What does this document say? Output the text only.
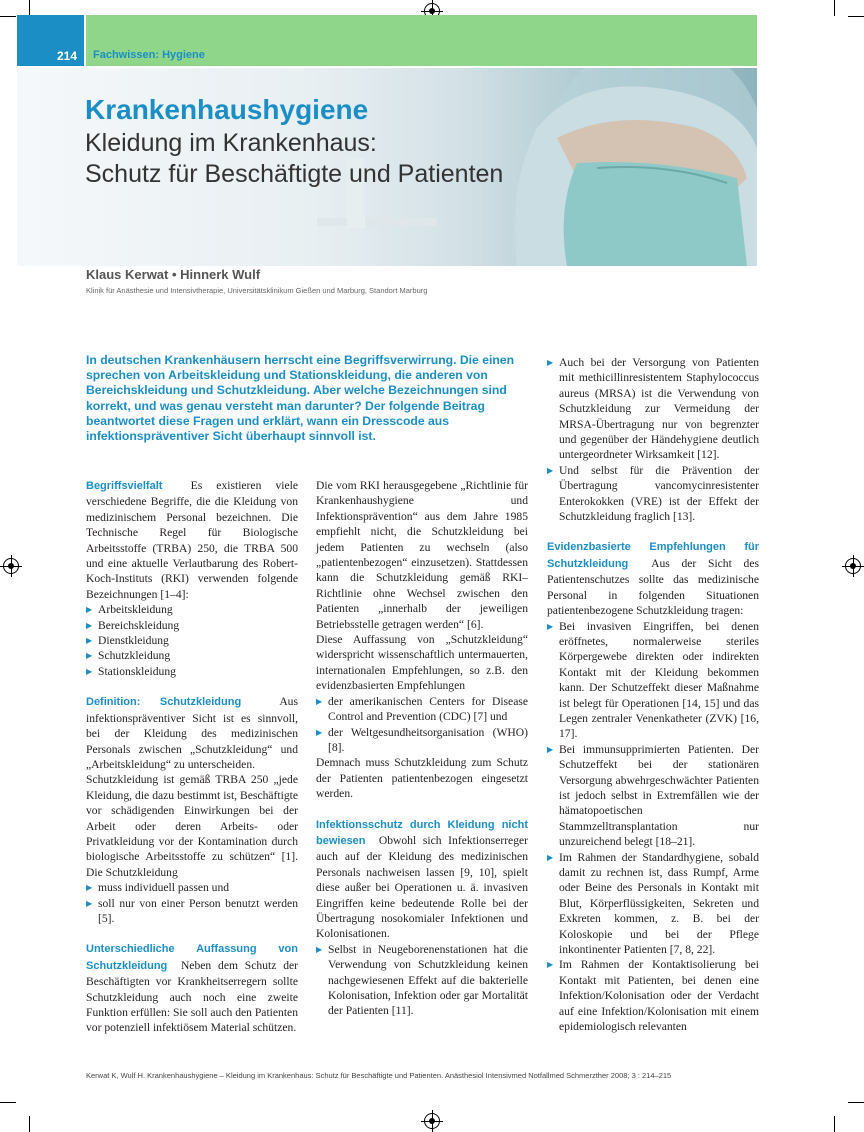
214	Fachwissen: Hygiene
Krankenhaushygiene
Kleidung im Krankenhaus:
Schutz für Beschäftigte und Patienten
Klaus Kerwat • Hinnerk Wulf
Klinik für Anästhesie und Intensivtherapie, Universitätsklinikum Gießen und Marburg, Standort Marburg
In deutschen Krankenhäusern herrscht eine Begriffsverwirrung. Die einen sprechen von Arbeitskleidung und Stationskleidung, die anderen von Bereichskleidung und Schutzkleidung. Aber welche Bezeichnungen sind korrekt, und was genau versteht man darunter? Der folgende Beitrag beantwortet diese Fragen und erklärt, wann ein Dresscode aus infektionspräventiver Sicht überhaupt sinnvoll ist.

Begriffsvielfalt Es existieren viele verschiedene Begriffe, die die Kleidung von medizinischem Personal bezeichnen. Die Technische Regel für Biologische Arbeitsstoffe (TRBA) 250, die TRBA 500 und eine aktuelle Verlautbarung des Robert-Koch-Instituts (RKI) verwenden folgende Bezeichnungen [1–4]:

▶ Arbeitskleidung

▶ Bereichskleidung

▶ Dienstkleidung

▶ Schutzkleidung

▶ Stationskleidung

Definition: Schutzkleidung	Aus infektionspräventiver Sicht ist es sinnvoll, bei der Kleidung des medizinischen Personals zwischen „Schutzkleidung“ und „Arbeitskleidung“ zu unterscheiden.

Schutzkleidung ist gemäß TRBA 250 „jede Kleidung, die dazu bestimmt ist, Beschäftigte vor schädigenden Einwirkungen bei der Arbeit oder deren Arbeits- oder Privatkleidung vor der Kontamination durch biologische Arbeitsstoffe zu schützen“ [1]. Die Schutzkleidung

▶ muss individuell passen und

▶ soll nur von einer Person benutzt werden [5].

Unterschiedliche Auffassung von Schutzkleidung Neben dem Schutz der Beschäftigten vor Krankheitserregern sollte Schutzkleidung auch noch eine zweite Funktion erfüllen: Sie soll auch den Patienten vor potenziell infektiösem Material schützen.

Die vom RKI herausgegebene „Richtlinie für Krankenhaushygiene und Infektionsprävention“ aus dem Jahre 1985 empfiehlt nicht, die Schutzkleidung bei jedem Patienten zu wechseln (also „patientenbezogen“ einzusetzen). Stattdessen kann die Schutzkleidung gemäß RKI–Richtlinie ohne Wechsel zwischen den Patienten „innerhalb der jeweiligen Betriebsstelle getragen werden“ [6].

Diese Auffassung von „Schutzkleidung“ widerspricht wissenschaftlich untermauerten, internationalen Empfehlungen, so z.B. den evidenzbasierten Empfehlungen

▶ der amerikanischen Centers for Disease Control and Prevention (CDC) [7] und

▶ der Weltgesundheitsorganisation (WHO) [8].

Demnach muss Schutzkleidung zum Schutz der Patienten patientenbezogen eingesetzt werden.

Infektionsschutz durch Kleidung nicht bewiesen Obwohl sich Infektionserreger auch auf der Kleidung des medizinischen Personals nachweisen lassen [9, 10], spielt diese außer bei Operationen u. ä. invasiven Eingriffen keine bedeutende Rolle bei der Übertragung nosokomialer Infektionen und Kolonisationen.

▶ Selbst in Neugeborenenstationen hat die Verwendung von Schutzkleidung keinen nachgewiesenen Effekt auf die bakterielle Kolonisation, Infektion oder gar Mortalität der Patienten [11].

▶ Auch bei der Versorgung von Patienten mit methicillinresistentem Staphylococcus aureus (MRSA) ist die Verwendung von Schutzkleidung zur Vermeidung der MRSA-Übertragung nur von begrenzter und gegenüber der Händehygiene deutlich untergeordneter Wirksamkeit [12].

▶ Und selbst für die Prävention der Übertragung vancomycinresistenter Enterokokken (VRE) ist der Effekt der Schutzkleidung fraglich [13].

Evidenzbasierte Empfehlungen für Schutzkleidung Aus der Sicht des Patientenschutzes sollte das medizinische Personal in folgenden Situationen patientenbezogene Schutzkleidung tragen:

▶ Bei invasiven Eingriffen, bei denen eröffnetes, normalerweise steriles Körpergewebe direkten oder indirekten Kontakt mit der Kleidung bekommen kann. Der Schutzeffekt dieser Maßnahme ist belegt für Operationen [14, 15] und das Legen zentraler Venenkatheter (ZVK) [16, 17].

▶ Bei immunsupprimierten Patienten. Der Schutzeffekt bei der stationären Versorgung abwehrgeschwächter Patienten ist jedoch selbst in Extremfällen wie der hämatopoetischen Stammzelltransplantation nur unzureichend belegt [18–21].

▶ Im Rahmen der Standardhygiene, sobald damit zu rechnen ist, dass Rumpf, Arme oder Beine des Personals in Kontakt mit Blut, Körperflüssigkeiten, Sekreten und Exkreten kommen, z. B. bei der Koloskopie und bei der Pflege inkontinenter Patienten [7, 8, 22].

▶ Im Rahmen der Kontaktisolierung bei Kontakt mit Patienten, bei denen eine Infektion/Kolonisation oder der Verdacht auf eine Infektion/Kolonisation mit einem epidemiologisch relevanten

Kerwat K, Wulf H. Krankenhaushygiene – Kleidung im Krankenhaus: Schutz für Beschäftigte und Patienten. Anästhesiol Intensivmed Notfallmed Schmerzther 2008; 3 : 214–215
